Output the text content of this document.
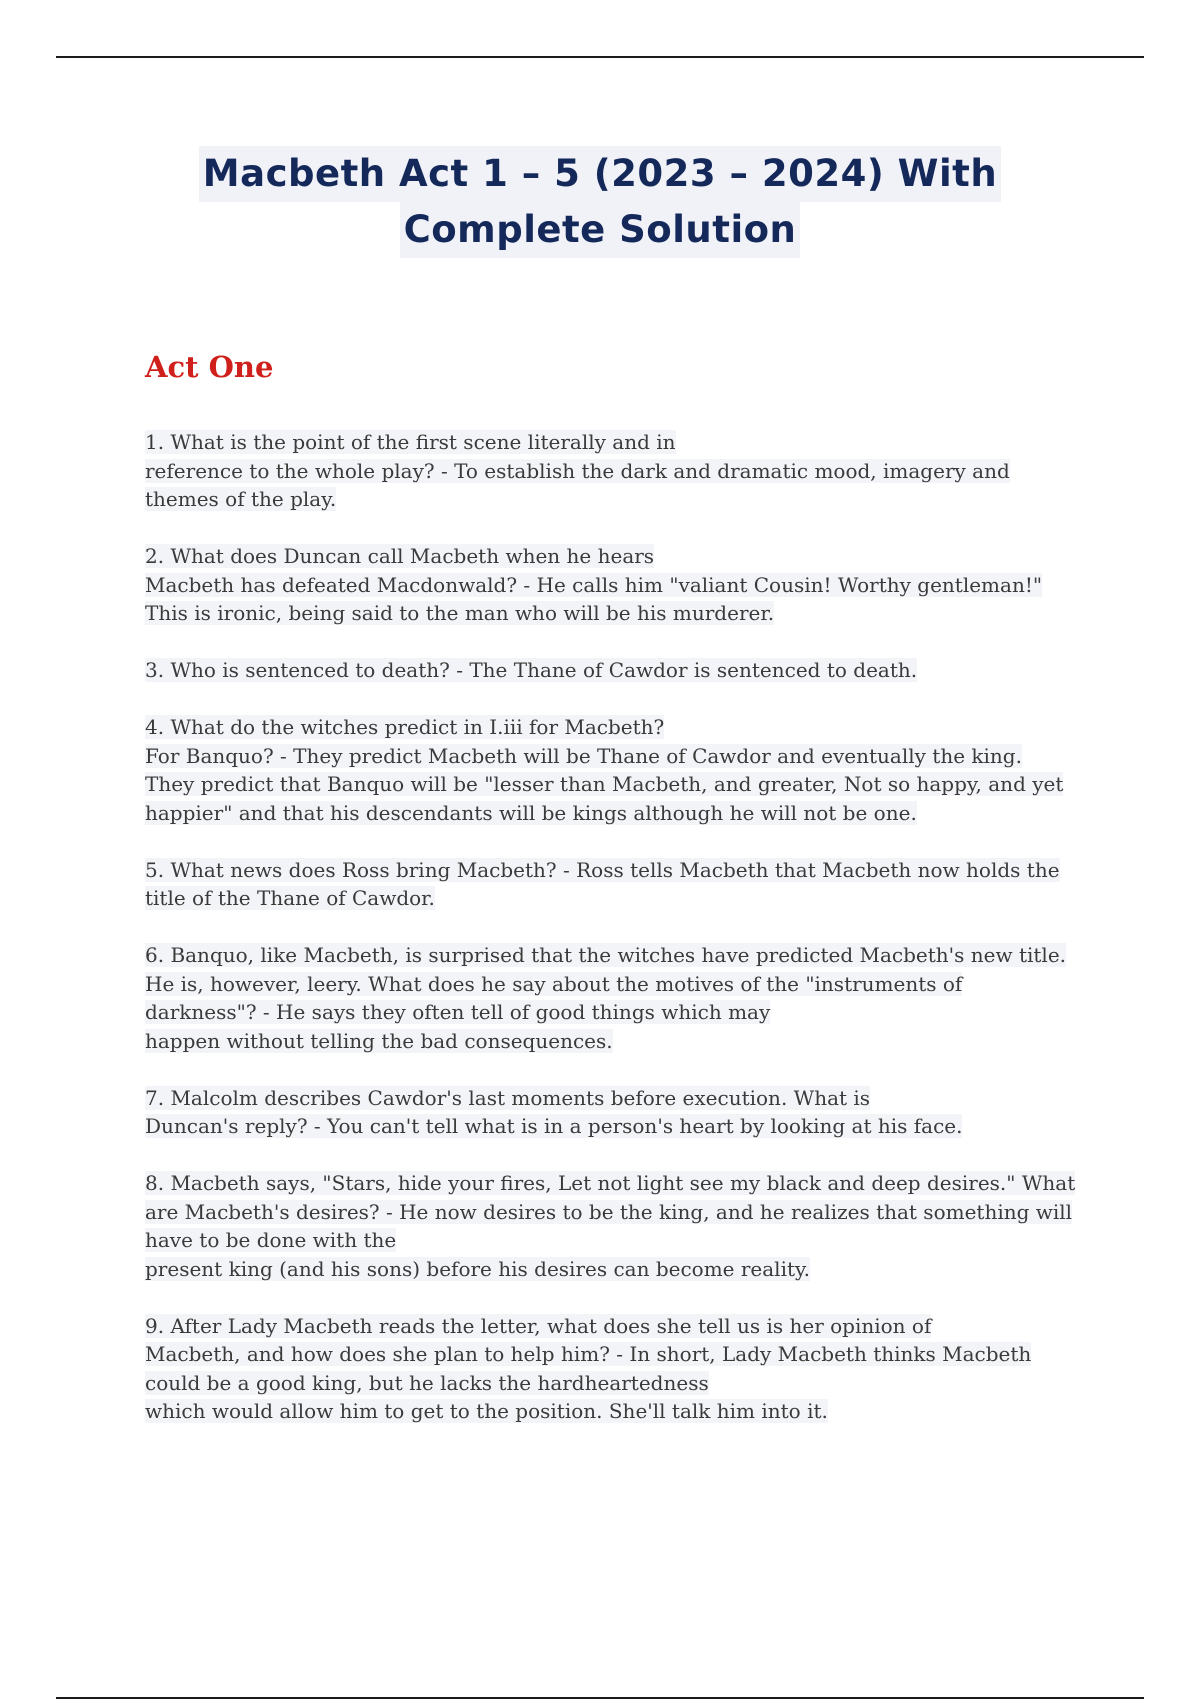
Macbeth Act 1 – 5 (2023 – 2024) With
Complete Solution
Act One
1. What is the point of the first scene literally and in
reference to the whole play? - To establish the dark and dramatic mood, imagery and
themes of the play.
2. What does Duncan call Macbeth when he hears
Macbeth has defeated Macdonwald? - He calls him "valiant Cousin! Worthy gentleman!"
This is ironic, being said to the man who will be his murderer.
3. Who is sentenced to death? - The Thane of Cawdor is sentenced to death.
4. What do the witches predict in I.iii for Macbeth?
For Banquo? - They predict Macbeth will be Thane of Cawdor and eventually the king.
They predict that Banquo will be "lesser than Macbeth, and greater, Not so happy, and yet
happier" and that his descendants will be kings although he will not be one.
5. What news does Ross bring Macbeth? - Ross tells Macbeth that Macbeth now holds the
title of the Thane of Cawdor.
6. Banquo, like Macbeth, is surprised that the witches have predicted Macbeth's new title.
He is, however, leery. What does he say about the motives of the "instruments of
darkness"? - He says they often tell of good things which may
happen without telling the bad consequences.
7. Malcolm describes Cawdor's last moments before execution. What is
Duncan's reply? - You can't tell what is in a person's heart by looking at his face.
8. Macbeth says, "Stars, hide your fires, Let not light see my black and deep desires." What
are Macbeth's desires? - He now desires to be the king, and he realizes that something will
have to be done with the
present king (and his sons) before his desires can become reality.
9. After Lady Macbeth reads the letter, what does she tell us is her opinion of
Macbeth, and how does she plan to help him? - In short, Lady Macbeth thinks Macbeth
could be a good king, but he lacks the hardheartedness
which would allow him to get to the position. She'll talk him into it.
